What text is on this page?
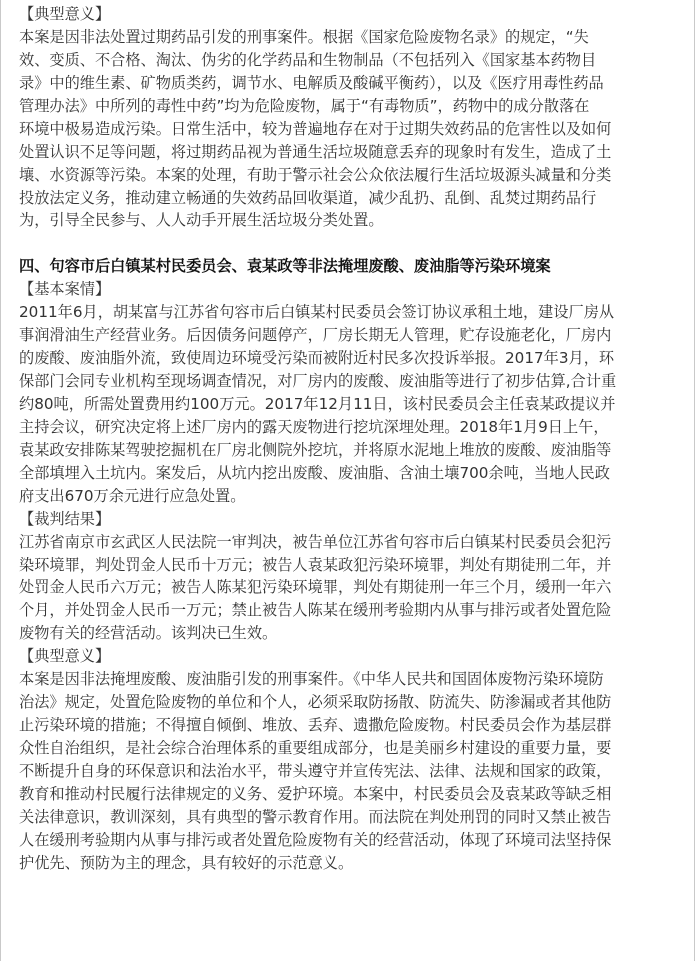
【典型意义】
本案是因非法处置过期药品引发的刑事案件。根据《国家危险废物名录》的规定，“失
效、变质、不合格、淘汰、伪劣的化学药品和生物制品（不包括列入《国家基本药物目
录》中的维生素、矿物质类药，调节水、电解质及酸碱平衡药），以及《医疗用毒性药品
管理办法》中所列的毒性中药”均为危险废物，属于“有毒物质”，药物中的成分散落在
环境中极易造成污染。日常生活中，较为普遍地存在对于过期失效药品的危害性以及如何
处置认识不足等问题，将过期药品视为普通生活垃圾随意丢弃的现象时有发生，造成了土
壤、水资源等污染。本案的处理，有助于警示社会公众依法履行生活垃圾源头减量和分类
投放法定义务，推动建立畅通的失效药品回收渠道，减少乱扔、乱倒、乱焚过期药品行
为，引导全民参与、人人动手开展生活垃圾分类处置。
四、句容市后白镇某村民委员会、袁某政等非法掩埋废酸、废油脂等污染环境案
【基本案情】
2011年6月，胡某富与江苏省句容市后白镇某村民委员会签订协议承租土地，建设厂房从
事润滑油生产经营业务。后因债务问题停产，厂房长期无人管理，贮存设施老化，厂房内
的废酸、废油脂外流，致使周边环境受污染而被附近村民多次投诉举报。2017年3月，环
保部门会同专业机构至现场调查情况，对厂房内的废酸、废油脂等进行了初步估算,合计重
约80吨，所需处置费用约100万元。2017年12月11日，该村民委员会主任袁某政提议并
主持会议，研究决定将上述厂房内的露天废物进行挖坑深埋处理。2018年1月9日上午，
袁某政安排陈某驾驶挖掘机在厂房北侧院外挖坑，并将原水泥地上堆放的废酸、废油脂等
全部填埋入土坑内。案发后，从坑内挖出废酸、废油脂、含油土壤700余吨，当地人民政
府支出670万余元进行应急处置。
【裁判结果】
江苏省南京市玄武区人民法院一审判决，被告单位江苏省句容市后白镇某村民委员会犯污
染环境罪，判处罚金人民币十万元；被告人袁某政犯污染环境罪，判处有期徒刑二年，并
处罚金人民币六万元；被告人陈某犯污染环境罪，判处有期徒刑一年三个月，缓刑一年六
个月，并处罚金人民币一万元；禁止被告人陈某在缓刑考验期内从事与排污或者处置危险
废物有关的经营活动。该判决已生效。
【典型意义】
本案是因非法掩埋废酸、废油脂引发的刑事案件。《中华人民共和国固体废物污染环境防
治法》规定，处置危险废物的单位和个人，必须采取防扬散、防流失、防渗漏或者其他防
止污染环境的措施；不得擅自倾倒、堆放、丢弃、遗撒危险废物。村民委员会作为基层群
众性自治组织，是社会综合治理体系的重要组成部分，也是美丽乡村建设的重要力量，要
不断提升自身的环保意识和法治水平，带头遵守并宣传宪法、法律、法规和国家的政策，
教育和推动村民履行法律规定的义务、爱护环境。本案中，村民委员会及袁某政等缺乏相
关法律意识，教训深刻，具有典型的警示教育作用。而法院在判处刑罚的同时又禁止被告
人在缓刑考验期内从事与排污或者处置危险废物有关的经营活动，体现了环境司法坚持保
护优先、预防为主的理念，具有较好的示范意义。
